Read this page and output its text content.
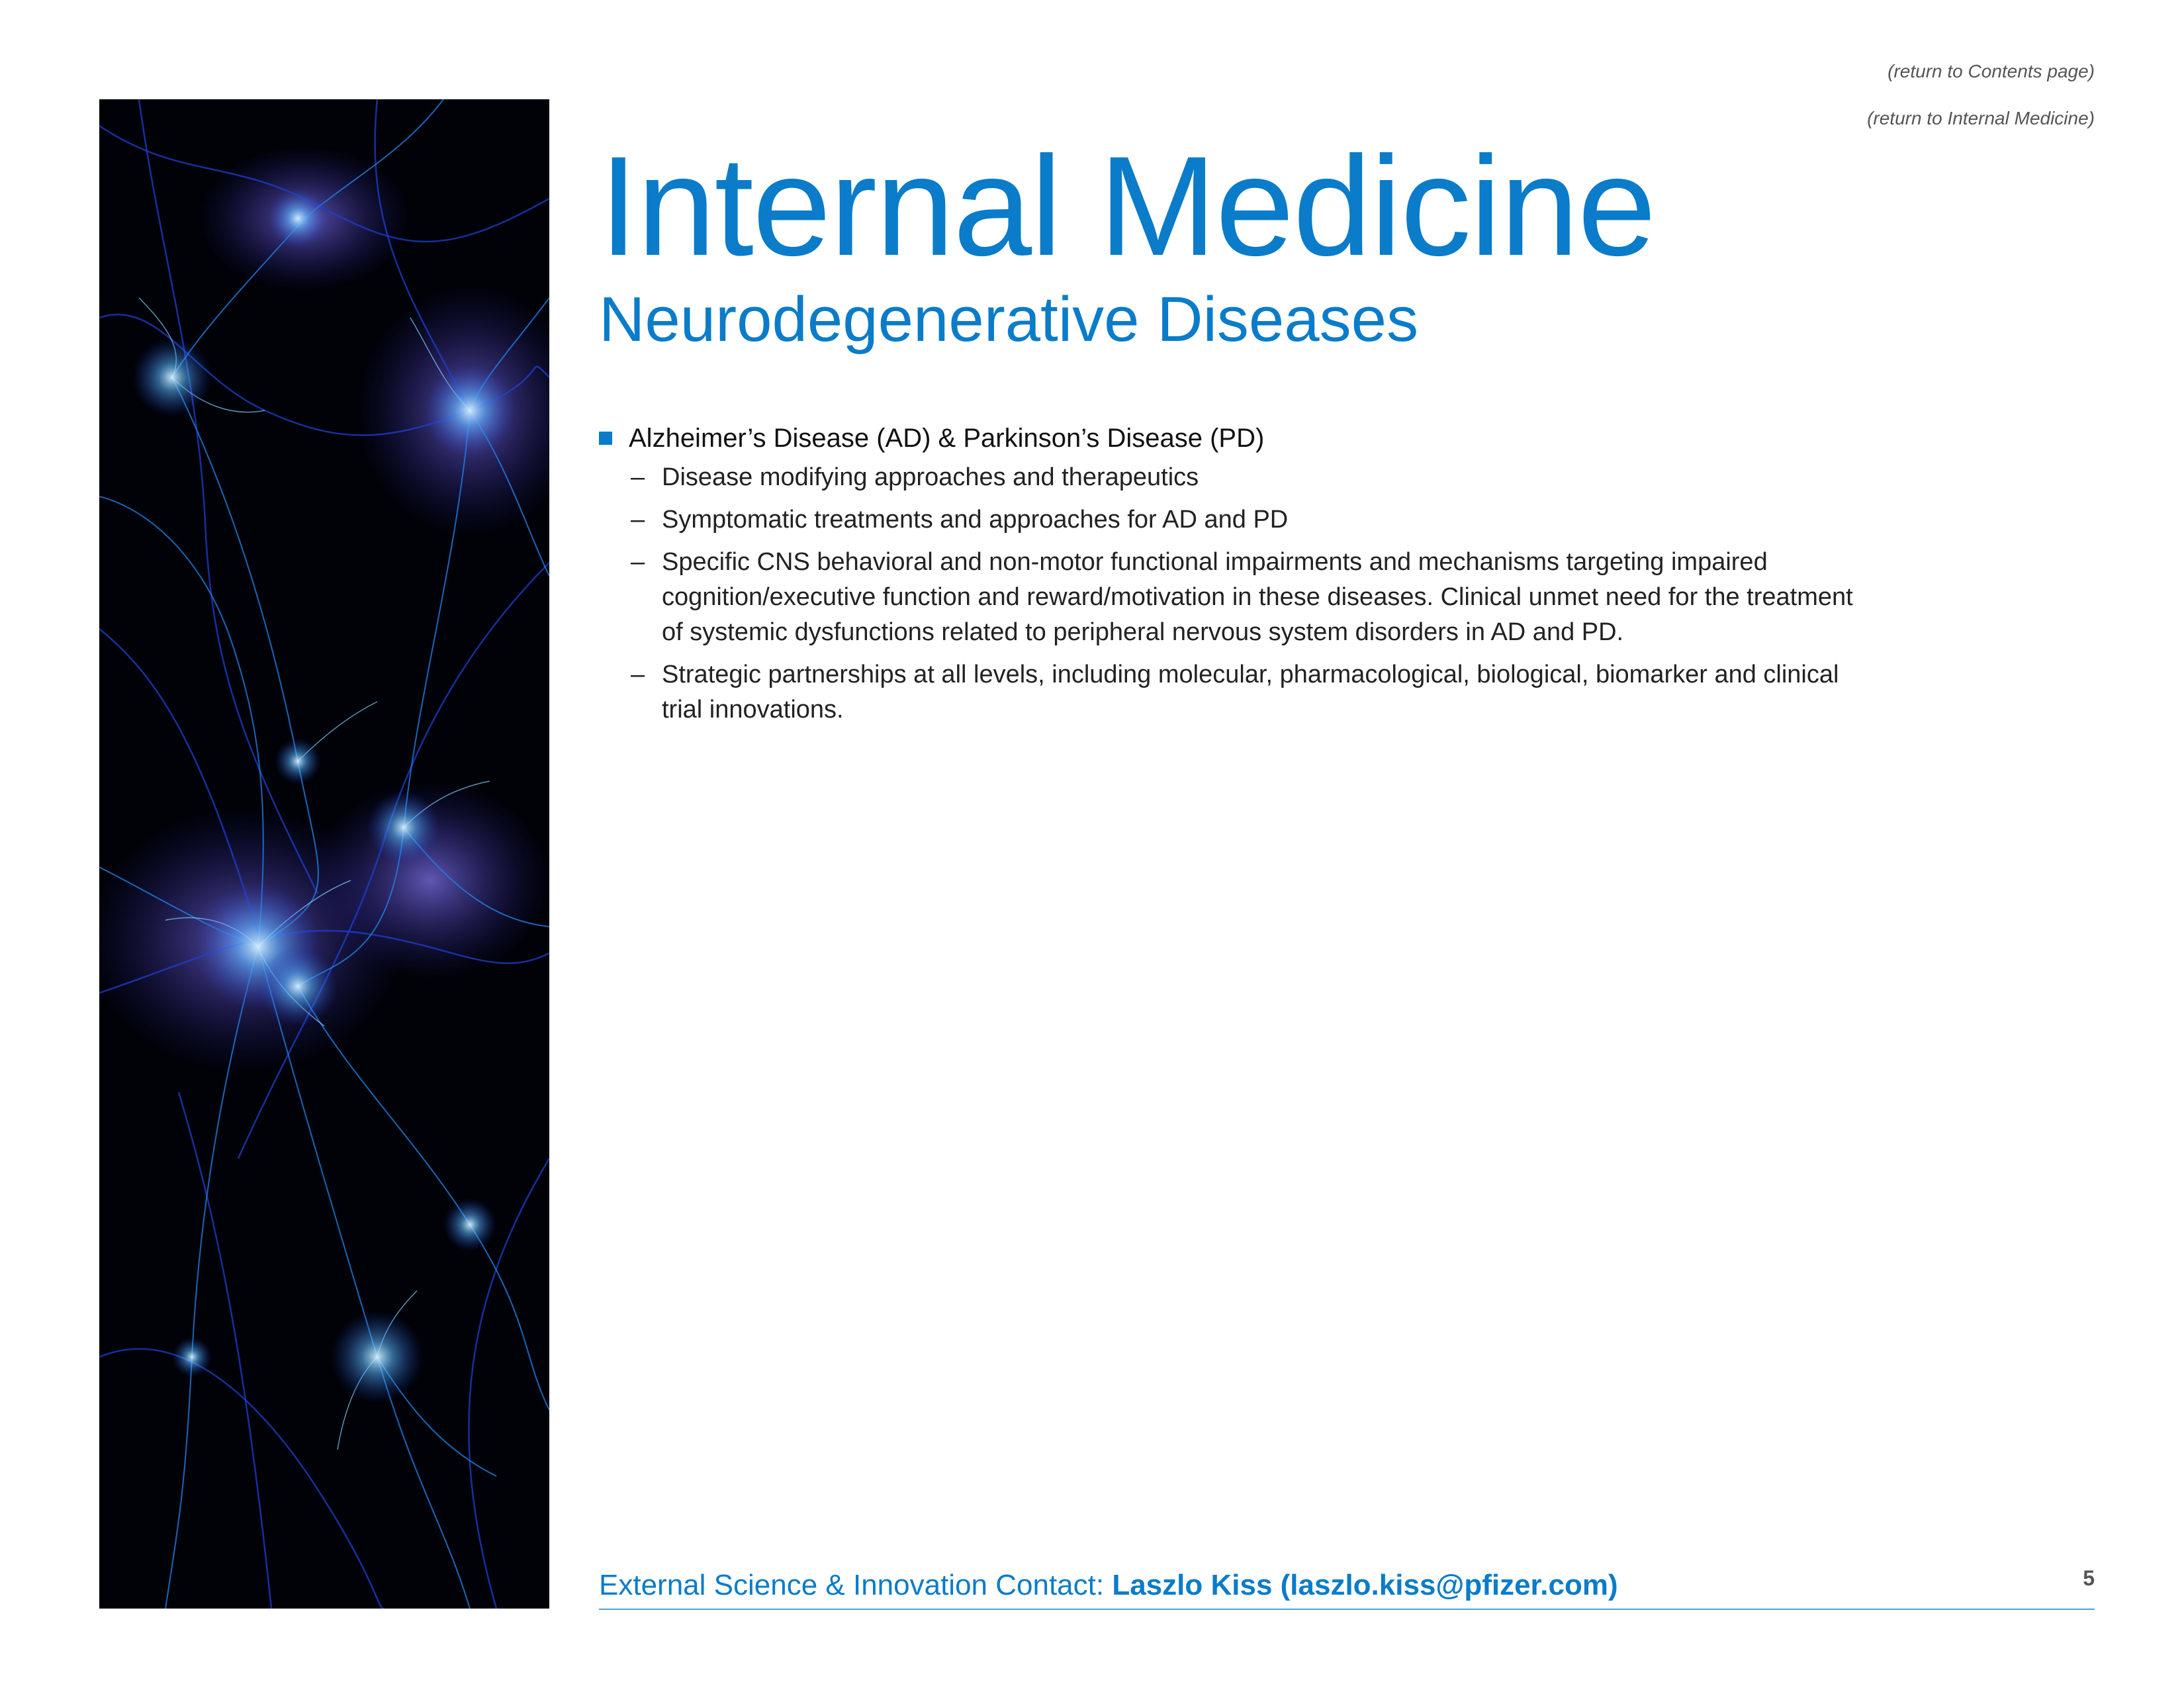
(return to Contents page)
(return to Internal Medicine)
Internal Medicine
Neurodegenerative Diseases
Alzheimer’s Disease (AD) & Parkinson’s Disease (PD)
– Disease modifying approaches and therapeutics
– Symptomatic treatments and approaches for AD and PD
– Specific CNS behavioral and non-motor functional impairments and mechanisms targeting impaired cognition/executive function and reward/motivation in these diseases. Clinical unmet need for the treatment of systemic dysfunctions related to peripheral nervous system disorders in AD and PD.
– Strategic partnerships at all levels, including molecular, pharmacological, biological, biomarker and clinical trial innovations.
External Science & Innovation Contact: Laszlo Kiss (laszlo.kiss@pfizer.com)	5
